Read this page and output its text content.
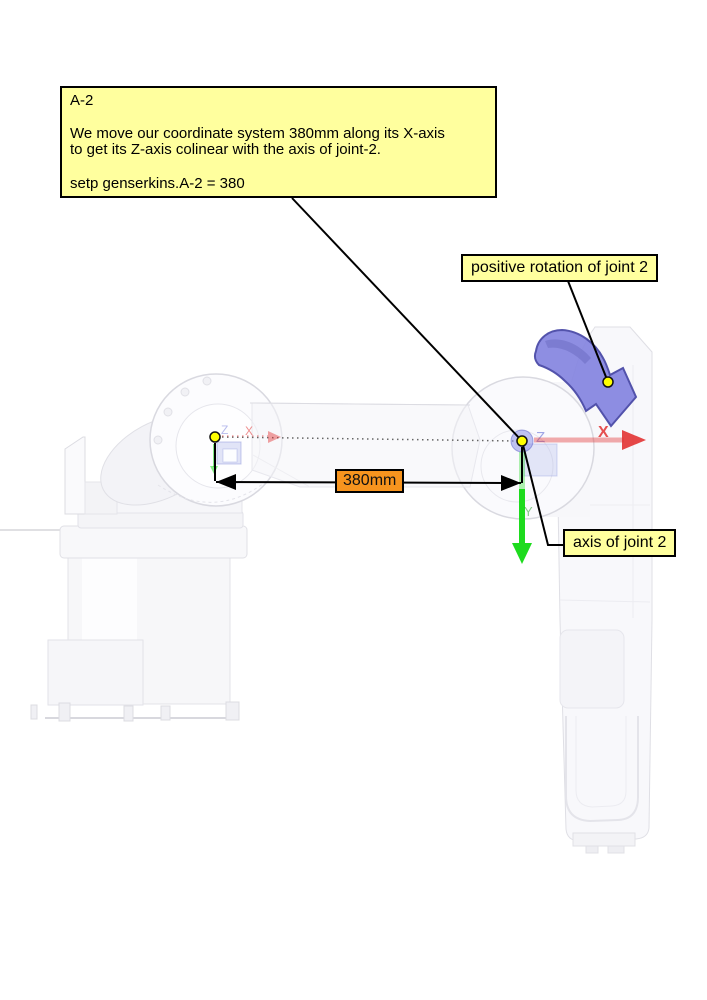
Z X	Z	X
Y

A-2

We move our coordinate system 380mm along its X-axis

to get its Z-axis colinear with the axis of joint-2.

setp genserkins.A-2 = 380

positive rotation of joint 2
axis of joint 2
380mm
